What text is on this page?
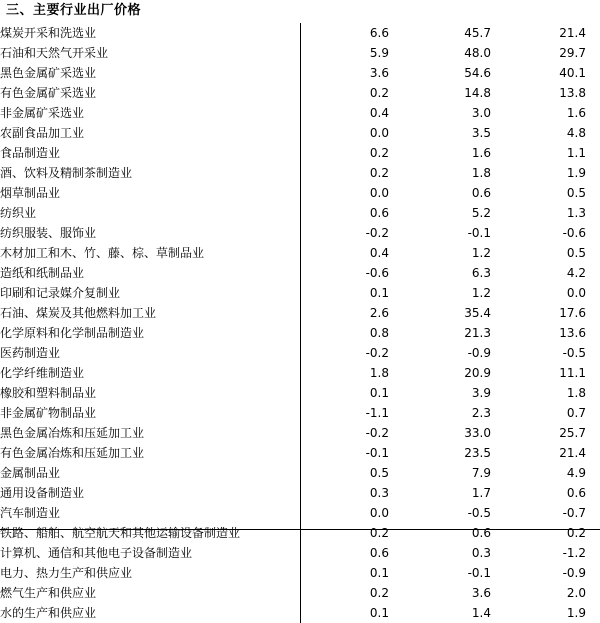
三、主要行业出厂价格
煤炭开采和洗选业	6.6	45.7	21.4
石油和天然气开采业	5.9	48.0	29.7
黑色金属矿采选业	3.6	54.6	40.1
有色金属矿采选业	0.2	14.8	13.8
非金属矿采选业	0.4	3.0	1.6
农副食品加工业	0.0	3.5	4.8
食品制造业	0.2	1.6	1.1
酒、饮料及精制茶制造业	0.2	1.8	1.9
烟草制品业	0.0	0.6	0.5
纺织业	0.6	5.2	1.3
纺织服装、服饰业	-0.2	-0.1	-0.6
木材加工和木、竹、藤、棕、草制品业	0.4	1.2	0.5
造纸和纸制品业	-0.6	6.3	4.2
印刷和记录媒介复制业	0.1	1.2	0.0
石油、煤炭及其他燃料加工业	2.6	35.4	17.6
化学原料和化学制品制造业	0.8	21.3	13.6
医药制造业	-0.2	-0.9	-0.5
化学纤维制造业	1.8	20.9	11.1
橡胶和塑料制品业	0.1	3.9	1.8
非金属矿物制品业	-1.1	2.3	0.7
黑色金属冶炼和压延加工业	-0.2	33.0	25.7
有色金属冶炼和压延加工业	-0.1	23.5	21.4
金属制品业	0.5	7.9	4.9
通用设备制造业	0.3	1.7	0.6
汽车制造业	0.0	-0.5	-0.7
铁路、船舶、航空航天和其他运输设备制造业	0.2	0.6	0.2
计算机、通信和其他电子设备制造业	0.6	0.3	-1.2
电力、热力生产和供应业	0.1	-0.1	-0.9
燃气生产和供应业	0.2	3.6	2.0
水的生产和供应业	0.1	1.4	1.9
